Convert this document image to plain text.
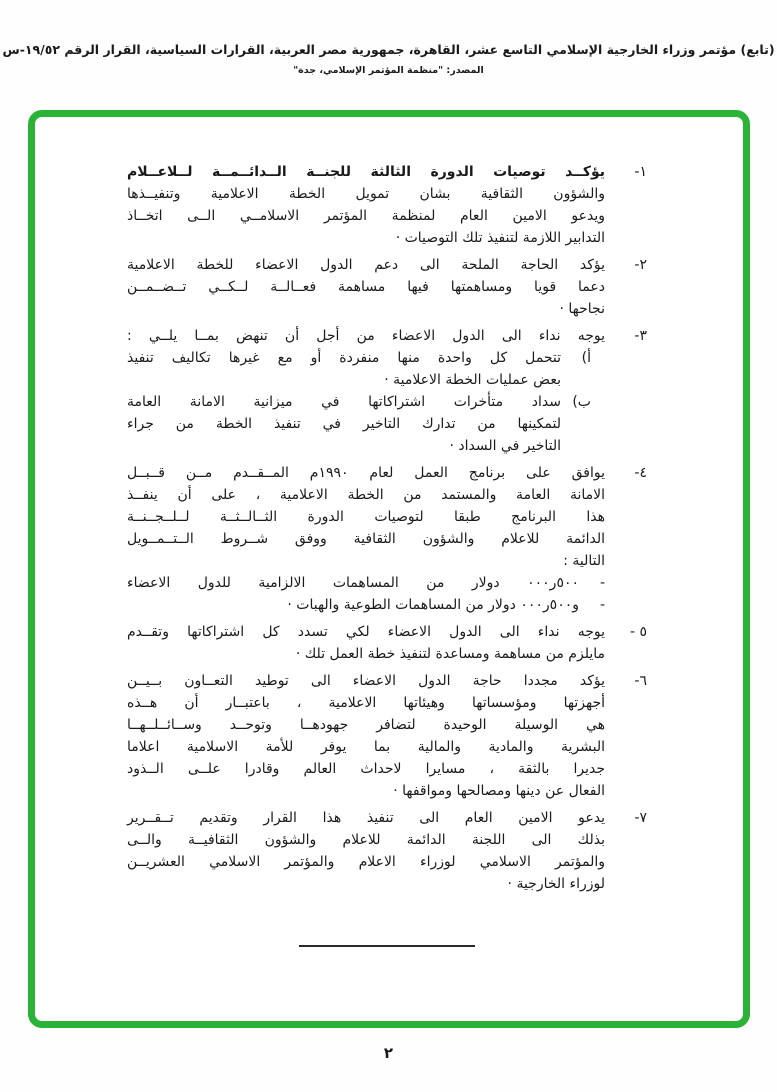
(تابع) مؤتمر وزراء الخارجية الإسلامي التاسع عشر، القاهرة، جمهورية مصر العربية، القرارات السياسية، القرار الرقم ١٩/٥٢-س
المصدر: "منظمة المؤتمر الإسلامي، جدة"
١-
يؤكــد توصيات الدورة الثالثة للجنــة الــدائــمــة لــلاعــلام
والشؤون الثقافية بشان تمويل الخطة الاعلامية وتنفيــذها
ويدعو الامين العام لمنظمة المؤتمر الاسلامــي الــى اتخــاذ
التدابير اللازمة لتنفيذ تلك التوصيات ·
٢-
يؤكد الحاجة الملحة الى دعم الدول الاعضاء للخطة الاعلامية
دعما قويا ومساهمتها فيها مساهمة فعــالــة لــكــي تــضــمــن
نجاحها ·
٣-
يوجه نداء الى الدول الاعضاء من أجل أن تنهض بمــا يلــي :
أ)
تتحمل كل واحدة منها منفردة أو مع غيرها تكاليف تنفيذ
بعض عمليات الخطة الاعلامية ·
ب)
سداد متأخرات اشتراكاتها في ميزانية الامانة العامة
لتمكينها من تدارك التاخير في تنفيذ الخطة من جراء
التاخير في السداد ·
٤-
يوافق على برنامج العمل لعام ١٩٩٠م المــقــدم مــن قــبــل
الامانة العامة والمستمد من الخطة الاعلامية ، على أن ينفــذ
هذا البرنامج طبقا لتوصيات الدورة الثــالــثــة لــلــجــنــة
الدائمة للاعلام والشؤون الثقافية ووفق شــروط الــتــمــويل
التالية :
-
٥٠٠ر٠٠٠ دولار من المساهمات الالزامية للدول الاعضاء
-
و٥٠٠ر٠٠٠ دولار من المساهمات الطوعية والهبات ·
٥ -
يوجه نداء الى الدول الاعضاء لكي تسدد كل اشتراكاتها وتقــدم
مايلزم من مساهمة ومساعدة لتنفيذ خطة العمل تلك ·
٦-
يؤكد مجددا حاجة الدول الاعضاء الى توطيد التعــاون بــيــن
أجهزتها ومؤسساتها وهيئاتها الاعلامية ، باعتبــار أن هــذه
هي الوسيلة الوحيدة لتضافر جهودهــا وتوحــد وســائــلــهــا
البشرية والمادية والمالية بما يوفر للأمة الاسلامية اعلاما
جديرا بالثقة ، مسايرا لاحداث العالم وقادرا علــى الــذود
الفعال عن دينها ومصالحها ومواقفها ·
٧-
يدعو الامين العام الى تنفيذ هذا القرار وتقديم تــقــرير
بذلك الى اللجنة الدائمة للاعلام والشؤون الثقافيــة والــى
والمؤتمر الاسلامي لوزراء الاعلام والمؤتمر الاسلامي العشريــن
لوزراء الخارجية ·
٢
